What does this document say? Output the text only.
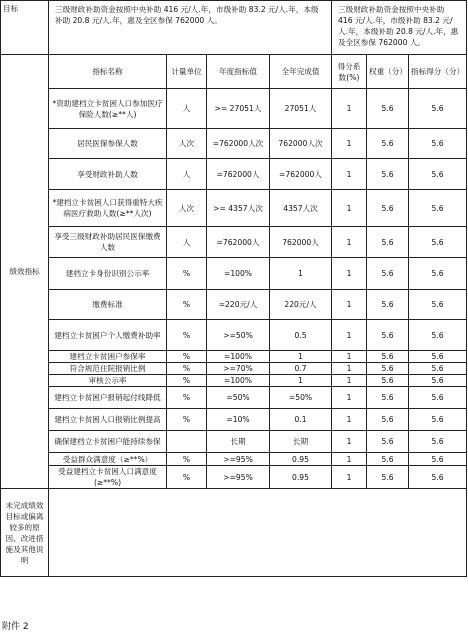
目标	三级财政补助资金按照中央补助 416 元/人.年，市级补助 83.2 元/人.年，本级补助 20.8 元/人.年，惠及全区参保 762000 人。				三级财政补助资金按照中央补助 416 元/人.年，市级补助 83.2 元/人.年，本级补助 20.8 元/人.年，惠及全区参保 762000 人。		
绩效指标	指标名称	计量单位	年度指标值	全年完成值	得分系数(%)	权重（分）	指标得分（分）
	*资助建档立卡贫困人口参加医疗保险人数(≥**人)	人	>= 27051人	27051人	1	5.6	5.6
	居民医保参保人数	人次	=762000人次	762000人次	1	5.6	5.6
	享受财政补助人数	人	=762000人	=762000人	1	5.6	5.6
	*建档立卡贫困人口获得重特大疾病医疗救助人数(≥**人次)	人次	>= 4357人次	4357人次	1	5.6	5.6
	享受三级财政补助居民医保缴费人数	人	=762000人	762000人	1	5.6	5.6
	建档立卡身份识别公示率	%	=100%	1	1	5.6	5.6
	缴费标准	%	=220元/人	220元/人	1	5.6	5.6
	建档立卡贫困户个人缴费补助率	%	>=50%	0.5	1	5.6	5.6
	建档立卡贫困户参保率	%	=100%	1	1	5.6	5.6
	符合规范住院报销比例	%	>=70%	0.7	1	5.6	5.6
	审核公示率	%	=100%	1	1	5.6	5.6
	建档立卡贫困户报销起付线降低	%	=50%	=50%	1	5.6	5.6
	建档立卡贫困人口报销比例提高	%	=10%	0.1	1	5.6	5.6
	确保建档立卡贫困户能持续参保		长期	长期	1	5.6	5.6
	受益群众满意度（≥**%）	%	>=95%	0.95	1	5.6	5.6
	受益建档立卡贫困人口满意度(≥**%)	%	>=95%	0.95	1	5.6	5.6
未完成绩效目标或偏离较多的原因、改进措施及其他说明							
附件 2
